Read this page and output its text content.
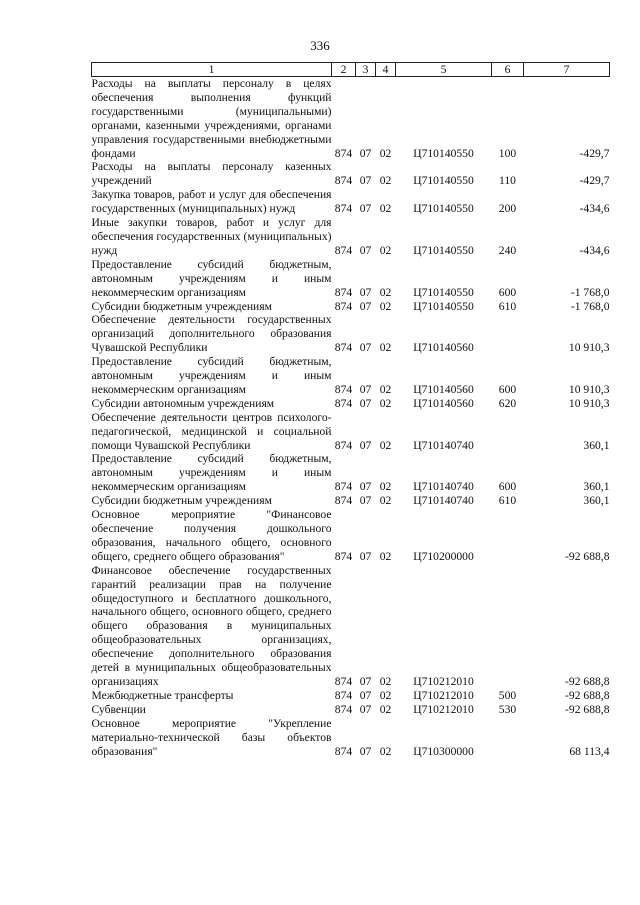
336
1	2	3	4	5	6	7
Расходы на выплаты персоналу в целях обеспечения выполнения функций государственными (муниципальными) органами, казенными учреждениями, органами управления государственными внебюджетными фондами	874	07	02	Ц710140550	100	-429,7
Расходы на выплаты персоналу казенных учреждений	874	07	02	Ц710140550	110	-429,7
Закупка товаров, работ и услуг для обеспечения государственных (муниципальных) нужд	874	07	02	Ц710140550	200	-434,6
Иные закупки товаров, работ и услуг для обеспечения государственных (муниципальных) нужд	874	07	02	Ц710140550	240	-434,6
Предоставление субсидий бюджетным, автономным учреждениям и иным некоммерческим организациям	874	07	02	Ц710140550	600	-1 768,0
Субсидии бюджетным учреждениям	874	07	02	Ц710140550	610	-1 768,0
Обеспечение деятельности государственных организаций дополнительного образования Чувашской Республики	874	07	02	Ц710140560		10 910,3
Предоставление субсидий бюджетным, автономным учреждениям и иным некоммерческим организациям	874	07	02	Ц710140560	600	10 910,3
Субсидии автономным учреждениям	874	07	02	Ц710140560	620	10 910,3
Обеспечение деятельности центров психолого-педагогической, медицинской и социальной помощи Чувашской Республики	874	07	02	Ц710140740		360,1
Предоставление субсидий бюджетным, автономным учреждениям и иным некоммерческим организациям	874	07	02	Ц710140740	600	360,1
Субсидии бюджетным учреждениям	874	07	02	Ц710140740	610	360,1
Основное мероприятие "Финансовое обеспечение получения дошкольного образования, начального общего, основного общего, среднего общего образования"	874	07	02	Ц710200000		-92 688,8
Финансовое обеспечение государственных гарантий реализации прав на получение общедоступного и бесплатного дошкольного, начального общего, основного общего, среднего общего образования в муниципальных общеобразовательных организациях, обеспечение дополнительного образования детей в муниципальных общеобразовательных организациях	874	07	02	Ц710212010		-92 688,8
Межбюджетные трансферты	874	07	02	Ц710212010	500	-92 688,8
Субвенции	874	07	02	Ц710212010	530	-92 688,8
Основное мероприятие "Укрепление материально-технической базы объектов образования"	874	07	02	Ц710300000		68 113,4
